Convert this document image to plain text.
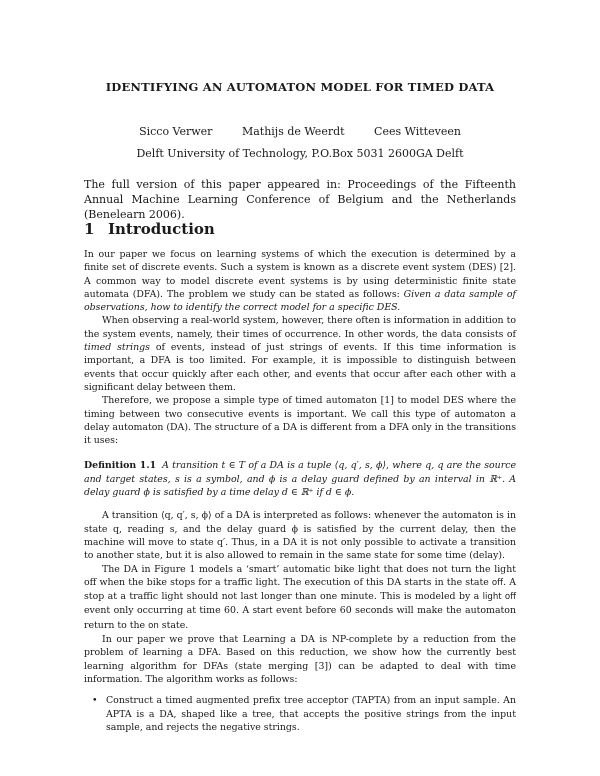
IDENTIFYING AN AUTOMATON MODEL FOR TIMED DATA
Sicco Verwer	Mathijs de Weerdt	Cees Witteveen
Delft University of Technology, P.O.Box 5031 2600GA Delft
The full version of this paper appeared in: Proceedings of the Fifteenth Annual Machine Learning Conference of Belgium and the Netherlands (Benelearn 2006).
1 Introduction

In our paper we focus on learning systems of which the execution is determined by a finite set of discrete events. Such a system is known as a discrete event system (DES) [2]. A common way to model discrete event systems is by using deterministic finite state automata (DFA). The problem we study can be stated as follows: Given a data sample of observations, how to identify the correct model for a specific DES.

When observing a real-world system, however, there often is information in addition to the system events, namely, their times of occurrence. In other words, the data consists of timed strings of events, instead of just strings of events. If this time information is important, a DFA is too limited. For example, it is impossible to distinguish between events that occur quickly after each other, and events that occur after each other with a significant delay between them.

Therefore, we propose a simple type of timed automaton [1] to model DES where the timing between two consecutive events is important. We call this type of automaton a delay automaton (DA). The structure of a DA is different from a DFA only in the transitions it uses:

Definition 1.1 A transition t ∈ T of a DA is a tuple ⟨q, q′, s, ϕ⟩, where q, q are the source and target states, s is a symbol, and ϕ is a delay guard defined by an interval in ℝ⁺. A delay guard ϕ is satisfied by a time delay d ∈ ℝ⁺ if d ∈ ϕ.

A transition ⟨q, q′, s, ϕ⟩ of a DA is interpreted as follows: whenever the automaton is in state q, reading s, and the delay guard ϕ is satisfied by the current delay, then the machine will move to state q′. Thus, in a DA it is not only possible to activate a transition to another state, but it is also allowed to remain in the same state for some time (delay).

The DA in Figure 1 models a ‘smart’ automatic bike light that does not turn the light off when the bike stops for a traffic light. The execution of this DA starts in the state off. A stop at a traffic light should not last longer than one minute. This is modeled by a light off event only occurring at time 60. A start event before 60 seconds will make the automaton return to the on state.

In our paper we prove that Learning a DA is NP-complete by a reduction from the problem of learning a DFA. Based on this reduction, we show how the currently best learning algorithm for DFAs (state merging [3]) can be adapted to deal with time information. The algorithm works as follows:

• Construct a timed augmented prefix tree acceptor (TAPTA) from an input sample. An APTA is a DA, shaped like a tree, that accepts the positive strings from the input sample, and rejects the negative strings.
